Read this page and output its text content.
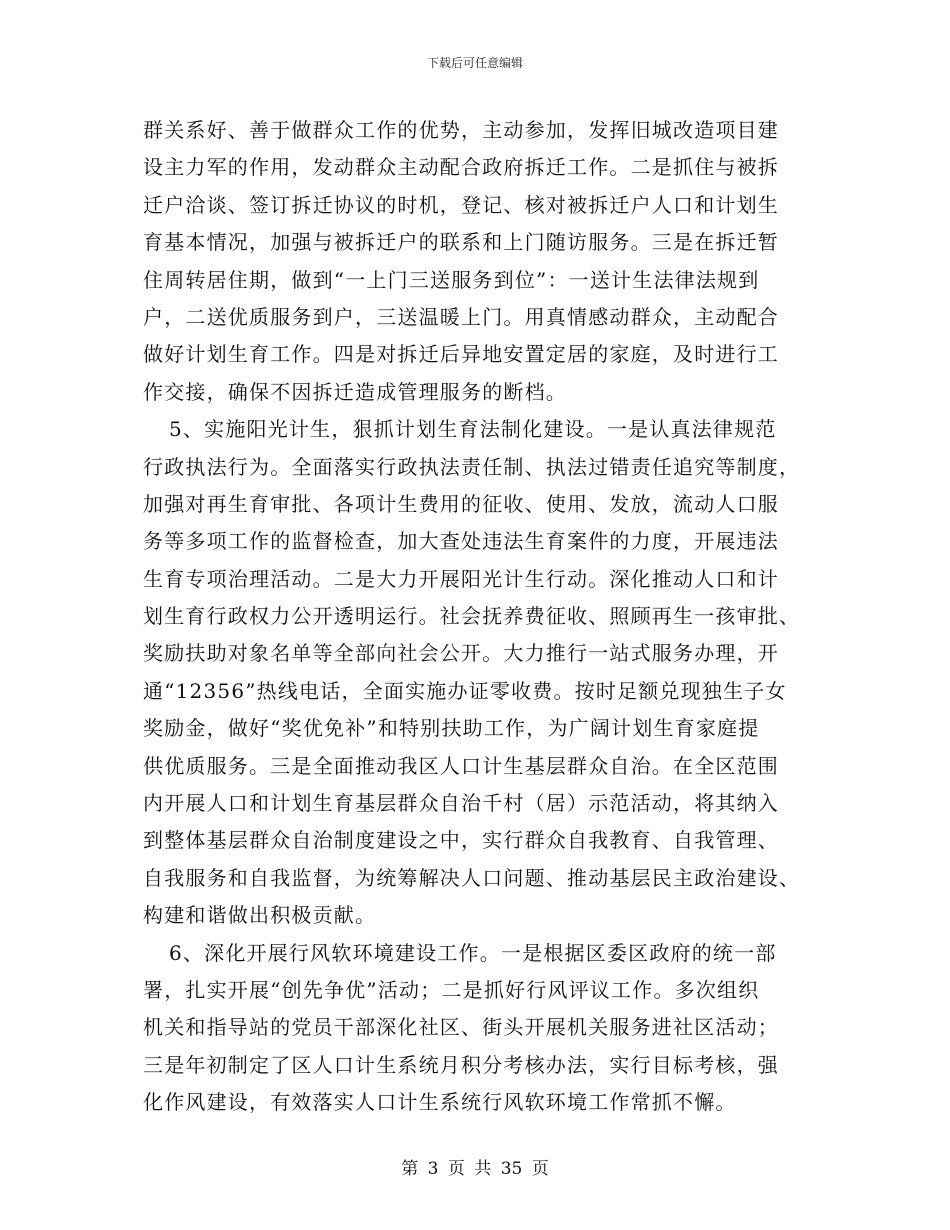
下载后可任意编辑
群关系好、善于做群众工作的优势，主动参加，发挥旧城改造项目建
设主力军的作用，发动群众主动配合政府拆迁工作。二是抓住与被拆
迁户洽谈、签订拆迁协议的时机，登记、核对被拆迁户人口和计划生
育基本情况，加强与被拆迁户的联系和上门随访服务。三是在拆迁暂
住周转居住期，做到“一上门三送服务到位”：一送计生法律法规到
户，二送优质服务到户，三送温暖上门。用真情感动群众，主动配合
做好计划生育工作。四是对拆迁后异地安置定居的家庭，及时进行工
作交接，确保不因拆迁造成管理服务的断档。
5、实施阳光计生，狠抓计划生育法制化建设。一是认真法律规范
行政执法行为。全面落实行政执法责任制、执法过错责任追究等制度，
加强对再生育审批、各项计生费用的征收、使用、发放，流动人口服
务等多项工作的监督检查，加大查处违法生育案件的力度，开展违法
生育专项治理活动。二是大力开展阳光计生行动。深化推动人口和计
划生育行政权力公开透明运行。社会抚养费征收、照顾再生一孩审批、
奖励扶助对象名单等全部向社会公开。大力推行一站式服务办理，开
通“12356”热线电话，全面实施办证零收费。按时足额兑现独生子女
奖励金，做好“奖优免补”和特别扶助工作，为广阔计划生育家庭提
供优质服务。三是全面推动我区人口计生基层群众自治。在全区范围
内开展人口和计划生育基层群众自治千村（居）示范活动，将其纳入
到整体基层群众自治制度建设之中，实行群众自我教育、自我管理、
自我服务和自我监督，为统筹解决人口问题、推动基层民主政治建设、
构建和谐做出积极贡献。
6、深化开展行风软环境建设工作。一是根据区委区政府的统一部
署，扎实开展“创先争优”活动；二是抓好行风评议工作。多次组织
机关和指导站的党员干部深化社区、街头开展机关服务进社区活动；
三是年初制定了区人口计生系统月积分考核办法，实行目标考核，强
化作风建设，有效落实人口计生系统行风软环境工作常抓不懈。
第 3 页 共 35 页
